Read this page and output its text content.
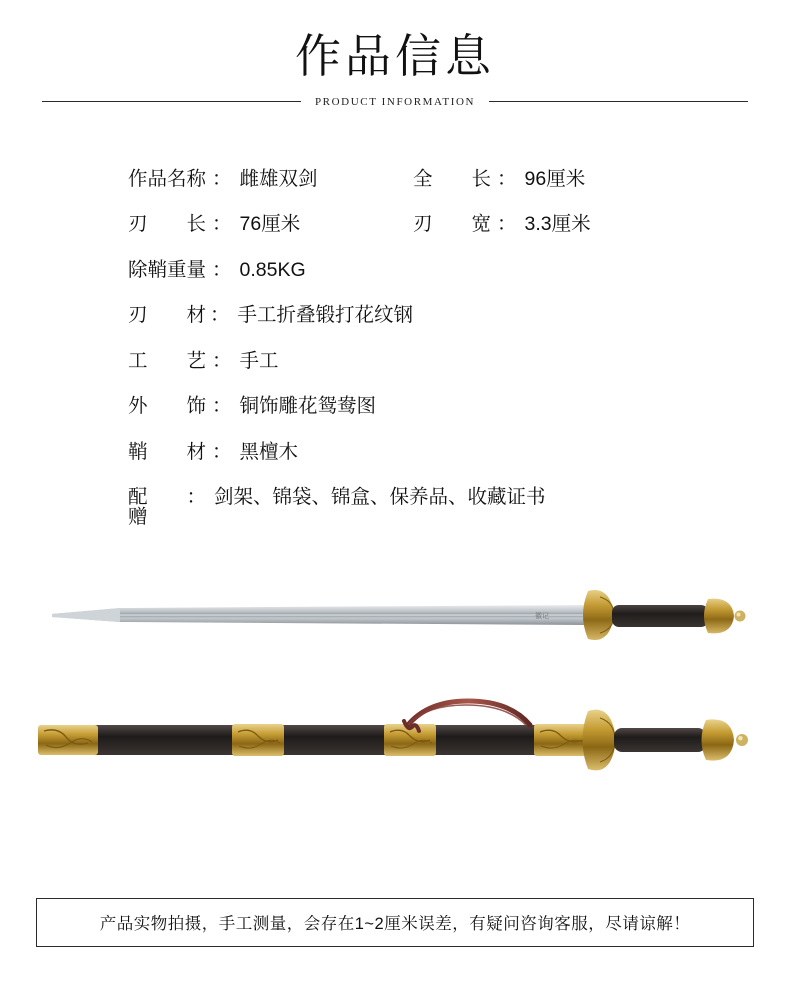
作品信息
PRODUCT INFORMATION
作品名称 ： 雌雄双剑	全　　长 ： 96厘米
刃　　长 ： 76厘米	刃　　宽 ： 3.3厘米
除鞘重量 ： 0.85KG
刃　　材 ： 手工折叠锻打花纹钢
工　　艺 ： 手工
外　　饰 ： 铜饰雕花鸳鸯图
鞘　　材 ： 黑檀木
配　　赠
： 剑架、锦袋、锦盒、保养品、收藏证书
徽记
产品实物拍摄，手工测量，会存在1~2厘米误差，有疑问咨询客服，尽请谅解！
